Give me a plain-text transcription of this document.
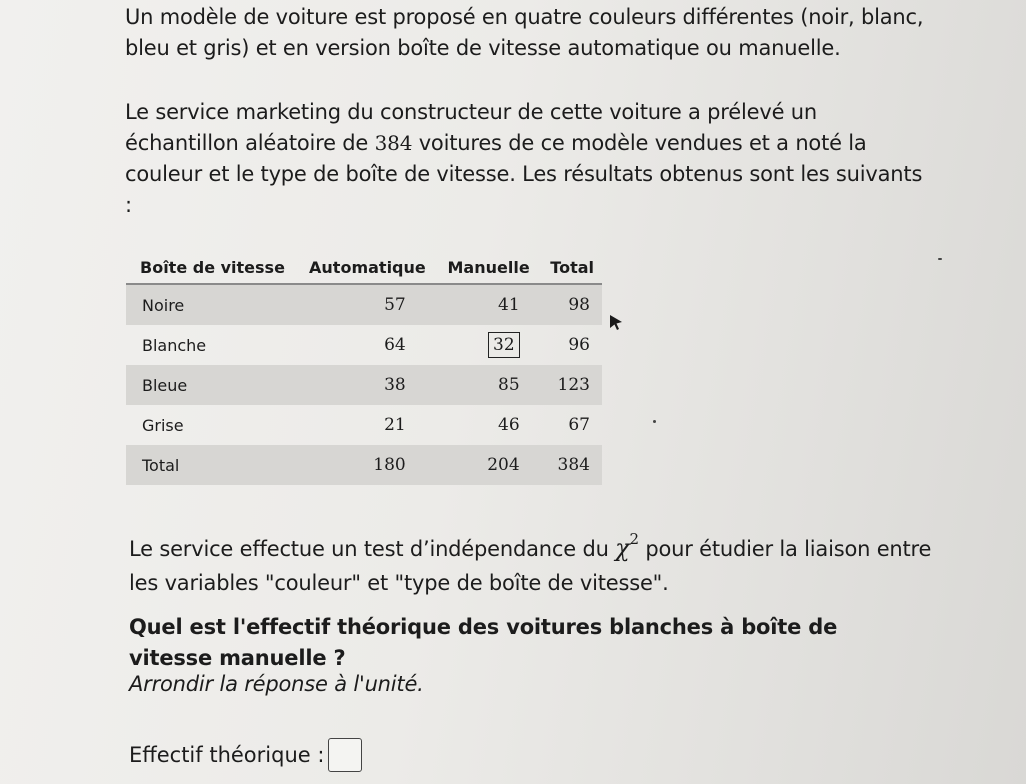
Un modèle de voiture est proposé en quatre couleurs différentes (noir, blanc, bleu et gris) et en version boîte de vitesse automatique ou manuelle.

Le service marketing du constructeur de cette voiture a prélevé un échantillon aléatoire de 384 voitures de ce modèle vendues et a noté la couleur et le type de boîte de vitesse. Les résultats obtenus sont les suivants :

Boîte de vitesse	Automatique	Manuelle	Total
Noire	57	41	98
Blanche	64	32	96
Bleue	38	85	123
Grise	21	46	67
Total	180	204	384

Le service effectue un test d’indépendance du $\chi^2$ pour étudier la liaison entre les variables "couleur" et "type de boîte de vitesse".

Quel est l'effectif théorique des voitures blanches à boîte de vitesse manuelle ?

Arrondir la réponse à l'unité.

Effectif théorique :
